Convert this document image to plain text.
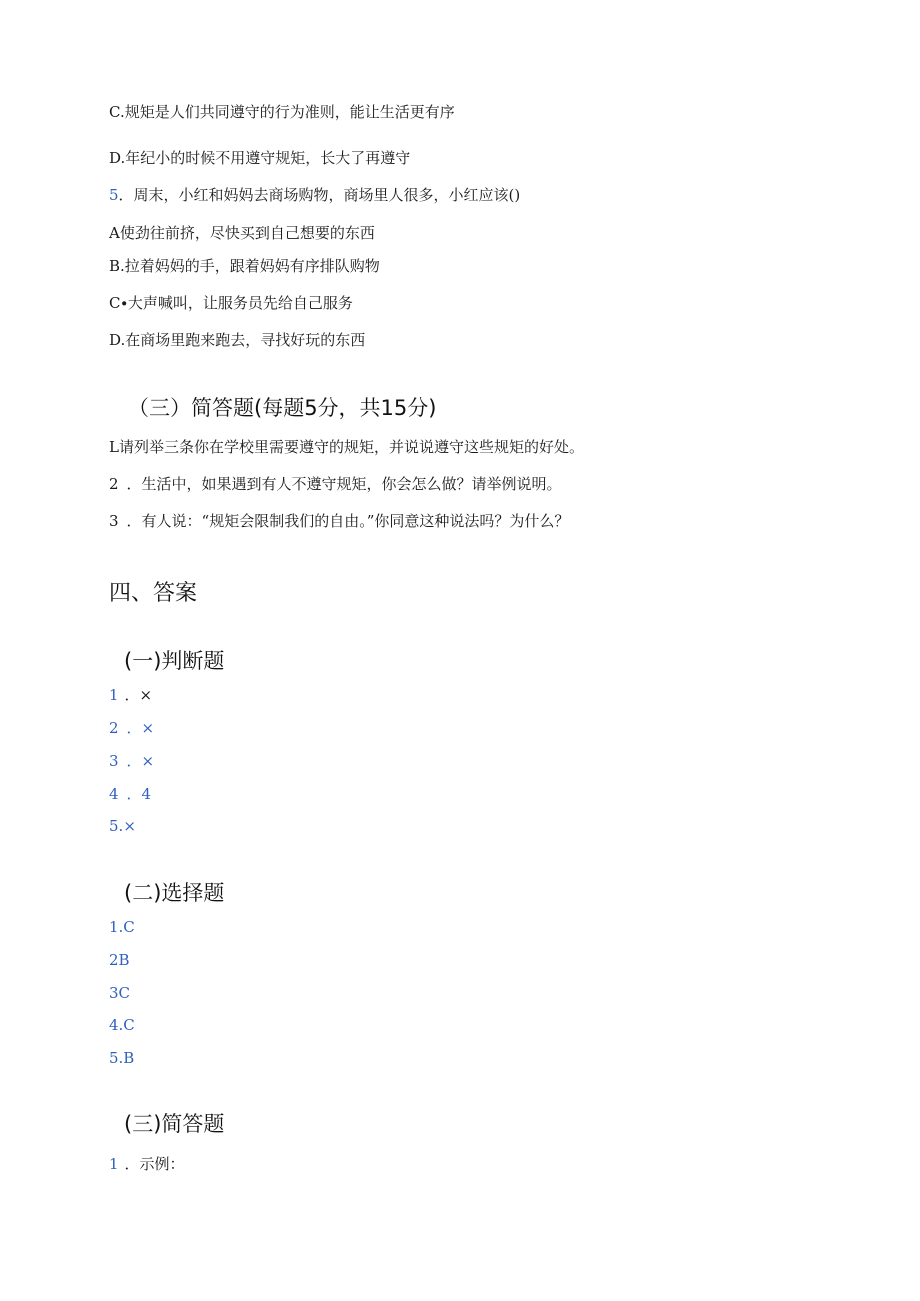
C.规矩是人们共同遵守的行为准则，能让生活更有序
D.年纪小的时候不用遵守规矩，长大了再遵守
5．周末，小红和妈妈去商场购物，商场里人很多，小红应该()
A使劲往前挤，尽快买到自己想要的东西
B.拉着妈妈的手，跟着妈妈有序排队购物
C∙大声喊叫，让服务员先给自己服务
D.在商场里跑来跑去，寻找好玩的东西
（三）简答题(每题5分，共15分)
L请列举三条你在学校里需要遵守的规矩，并说说遵守这些规矩的好处。
2 ．生活中，如果遇到有人不遵守规矩，你会怎么做？请举例说明。
3 ．有人说：“规矩会限制我们的自由。”你同意这种说法吗？为什么？
四、答案
(一)判断题
1 ．×
2 ．×
3 ．×
4 ．4
5.×
(二)选择题
1.C
2B
3C
4.C
5.B
(三)简答题
1 ．示例：
